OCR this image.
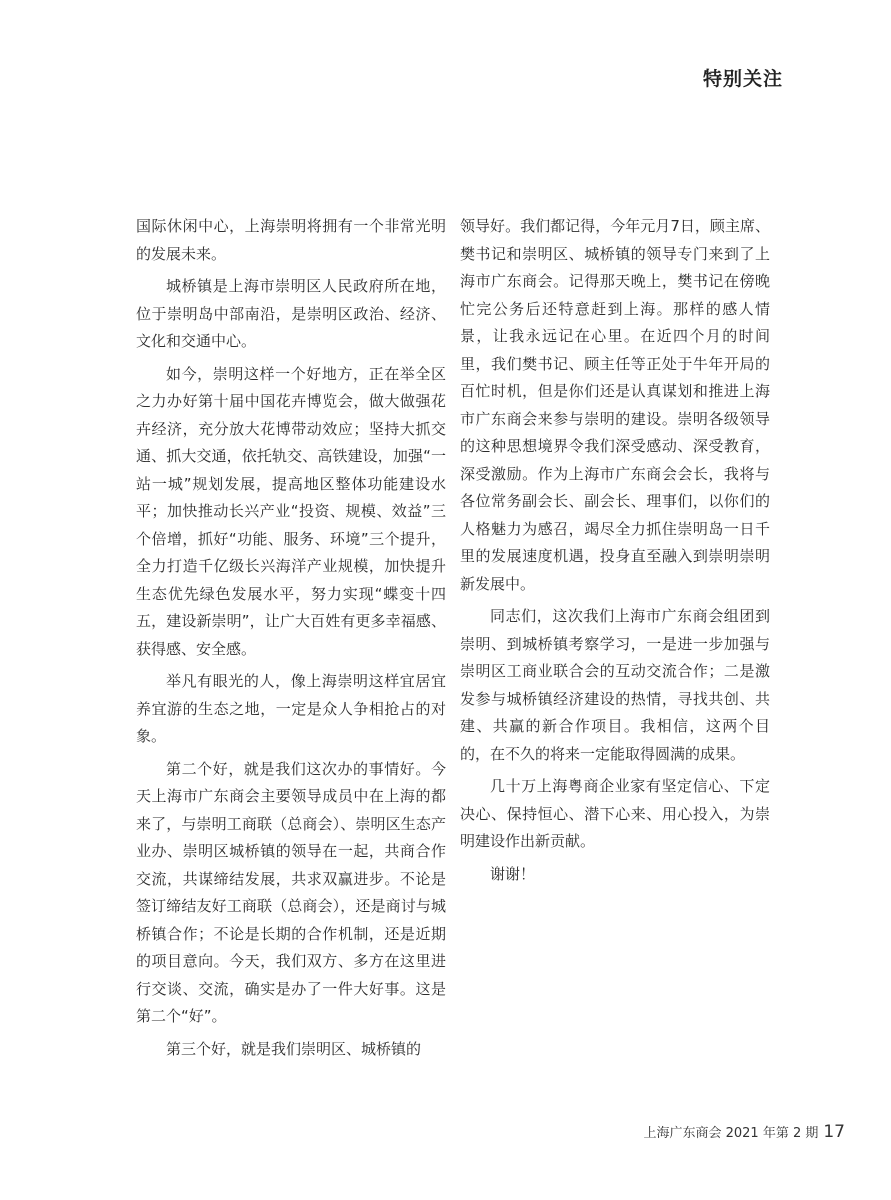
特别关注

国际休闲中心，上海崇明将拥有一个非常光明的发展未来。

城桥镇是上海市崇明区人民政府所在地，位于崇明岛中部南沿，是崇明区政治、经济、文化和交通中心。

如今，崇明这样一个好地方，正在举全区之力办好第十届中国花卉博览会，做大做强花卉经济，充分放大花博带动效应；坚持大抓交通、抓大交通，依托轨交、高铁建设，加强“一站一城”规划发展，提高地区整体功能建设水平；加快推动长兴产业“投资、规模、效益”三个倍增，抓好“功能、服务、环境”三个提升，全力打造千亿级长兴海洋产业规模，加快提升生态优先绿色发展水平，努力实现“蝶变十四五，建设新崇明”，让广大百姓有更多幸福感、获得感、安全感。

举凡有眼光的人，像上海崇明这样宜居宜养宜游的生态之地，一定是众人争相抢占的对象。

第二个好，就是我们这次办的事情好。今天上海市广东商会主要领导成员中在上海的都来了，与崇明工商联（总商会）、崇明区生态产业办、崇明区城桥镇的领导在一起，共商合作交流，共谋缔结发展，共求双赢进步。不论是签订缔结友好工商联（总商会），还是商讨与城桥镇合作；不论是长期的合作机制，还是近期的项目意向。今天，我们双方、多方在这里进行交谈、交流，确实是办了一件大好事。这是第二个“好”。

第三个好，就是我们崇明区、城桥镇的

领导好。我们都记得，今年元月7日，顾主席、樊书记和崇明区、城桥镇的领导专门来到了上海市广东商会。记得那天晚上，樊书记在傍晚忙完公务后还特意赶到上海。那样的感人情景，让我永远记在心里。在近四个月的时间里，我们樊书记、顾主任等正处于牛年开局的百忙时机，但是你们还是认真谋划和推进上海市广东商会来参与崇明的建设。崇明各级领导的这种思想境界令我们深受感动、深受教育，深受激励。作为上海市广东商会会长，我将与各位常务副会长、副会长、理事们，以你们的人格魅力为感召，竭尽全力抓住崇明岛一日千里的发展速度机遇，投身直至融入到崇明崇明新发展中。

同志们，这次我们上海市广东商会组团到崇明、到城桥镇考察学习，一是进一步加强与崇明区工商业联合会的互动交流合作；二是激发参与城桥镇经济建设的热情，寻找共创、共建、共赢的新合作项目。我相信，这两个目的，在不久的将来一定能取得圆满的成果。

几十万上海粤商企业家有坚定信心、下定决心、保持恒心、潜下心来、用心投入，为崇明建设作出新贡献。

谢谢！

上海广东商会 2021 年第 2 期 17
